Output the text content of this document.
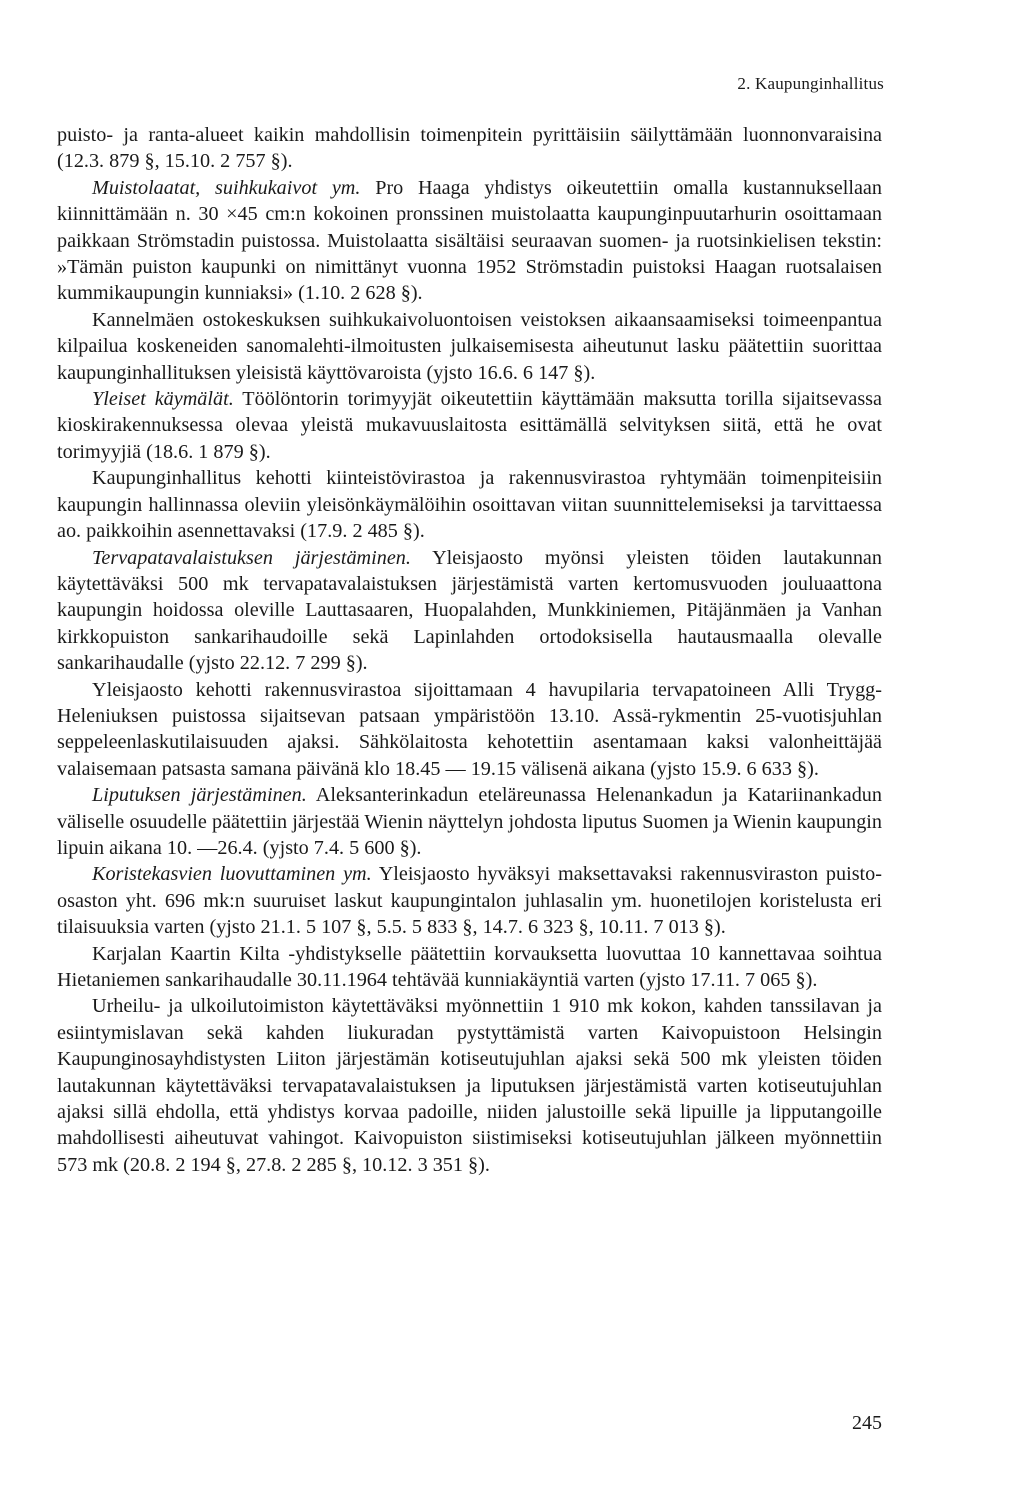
2. Kaupunginhallitus

puisto- ja ranta-alueet kaikin mahdollisin toimenpitein pyrittäisiin säilyttämään luonnonvaraisina (12.3. 879 §, 15.10. 2 757 §).

Muistolaatat, suihkukaivot ym. Pro Haaga yhdistys oikeutettiin omalla kustannuksellaan kiinnittämään n. 30 ×45 cm:n kokoinen pronssinen muistolaatta kaupunginpuutarhurin osoittamaan paikkaan Strömstadin puistossa. Muistolaatta sisältäisi seuraavan suomen- ja ruotsinkielisen tekstin: »Tämän puiston kaupunki on nimittänyt vuonna 1952 Strömstadin puistoksi Haagan ruotsalaisen kummikaupungin kunniaksi» (1.10. 2 628 §).

Kannelmäen ostokeskuksen suihkukaivoluontoisen veistoksen aikaansaamiseksi toimeenpantua kilpailua koskeneiden sanomalehti-ilmoitusten julkaisemisesta aiheutunut lasku päätettiin suorittaa kaupunginhallituksen yleisistä käyttövaroista (yjsto 16.6. 6 147 §).

Yleiset käymälät. Töölöntorin torimyyjät oikeutettiin käyttämään maksutta torilla sijaitsevassa kioskirakennuksessa olevaa yleistä mukavuuslaitosta esittämällä selvityksen siitä, että he ovat torimyyjiä (18.6. 1 879 §).

Kaupunginhallitus kehotti kiinteistövirastoa ja rakennusvirastoa ryhtymään toimenpiteisiin kaupungin hallinnassa oleviin yleisönkäymälöihin osoittavan viitan suunnittelemiseksi ja tarvittaessa ao. paikkoihin asennettavaksi (17.9. 2 485 §).

Tervapatavalaistuksen järjestäminen. Yleisjaosto myönsi yleisten töiden lautakunnan käytettäväksi 500 mk tervapatavalaistuksen järjestämistä varten kertomusvuoden jouluaattona kaupungin hoidossa oleville Lauttasaaren, Huopalahden, Munkkiniemen, Pitäjänmäen ja Vanhan kirkkopuiston sankarihaudoille sekä Lapinlahden ortodoksisella hautausmaalla olevalle sankarihaudalle (yjsto 22.12. 7 299 §).

Yleisjaosto kehotti rakennusvirastoa sijoittamaan 4 havupilaria tervapatoineen Alli Trygg-Heleniuksen puistossa sijaitsevan patsaan ympäristöön 13.10. Assä-rykmentin 25-vuotisjuhlan seppeleenlaskutilaisuuden ajaksi. Sähkölaitosta kehotettiin asentamaan kaksi valonheittäjää valaisemaan patsasta samana päivänä klo 18.45 — 19.15 välisenä aikana (yjsto 15.9. 6 633 §).

Liputuksen järjestäminen. Aleksanterinkadun eteläreunassa Helenankadun ja Katariinankadun väliselle osuudelle päätettiin järjestää Wienin näyttelyn johdosta liputus Suomen ja Wienin kaupungin lipuin aikana 10. —26.4. (yjsto 7.4. 5 600 §).

Koristekasvien luovuttaminen ym. Yleisjaosto hyväksyi maksettavaksi rakennusviraston puisto-osaston yht. 696 mk:n suuruiset laskut kaupungintalon juhlasalin ym. huonetilojen koristelusta eri tilaisuuksia varten (yjsto 21.1. 5 107 §, 5.5. 5 833 §, 14.7. 6 323 §, 10.11. 7 013 §).

Karjalan Kaartin Kilta -yhdistykselle päätettiin korvauksetta luovuttaa 10 kannettavaa soihtua Hietaniemen sankarihaudalle 30.11.1964 tehtävää kunniakäyntiä varten (yjsto 17.11. 7 065 §).

Urheilu- ja ulkoilutoimiston käytettäväksi myönnettiin 1 910 mk kokon, kahden tanssilavan ja esiintymislavan sekä kahden liukuradan pystyttämistä varten Kaivopuistoon Helsingin Kaupunginosayhdistysten Liiton järjestämän kotiseutujuhlan ajaksi sekä 500 mk yleisten töiden lautakunnan käytettäväksi tervapatavalaistuksen ja liputuksen järjestämistä varten kotiseutujuhlan ajaksi sillä ehdolla, että yhdistys korvaa padoille, niiden jalustoille sekä lipuille ja lipputangoille mahdollisesti aiheutuvat vahingot. Kaivopuiston siistimiseksi kotiseutujuhlan jälkeen myönnettiin 573 mk (20.8. 2 194 §, 27.8. 2 285 §, 10.12. 3 351 §).

245
